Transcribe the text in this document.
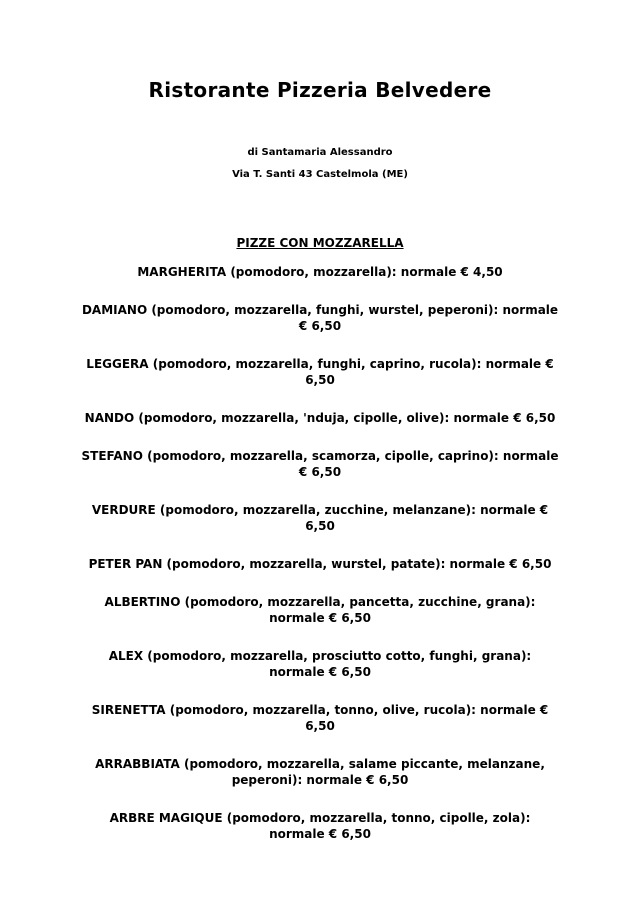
Ristorante Pizzeria Belvedere
di Santamaria Alessandro
Via T. Santi 43 Castelmola (ME)
PIZZE CON MOZZARELLA
MARGHERITA (pomodoro, mozzarella): normale € 4,50
DAMIANO (pomodoro, mozzarella, funghi, wurstel, peperoni): normale € 6,50
LEGGERA (pomodoro, mozzarella, funghi, caprino, rucola): normale € 6,50
NANDO (pomodoro, mozzarella, 'nduja, cipolle, olive): normale € 6,50
STEFANO (pomodoro, mozzarella, scamorza, cipolle, caprino): normale € 6,50
VERDURE (pomodoro, mozzarella, zucchine, melanzane): normale € 6,50
PETER PAN (pomodoro, mozzarella, wurstel, patate): normale € 6,50
ALBERTINO (pomodoro, mozzarella, pancetta, zucchine, grana): normale € 6,50
ALEX (pomodoro, mozzarella, prosciutto cotto, funghi, grana): normale € 6,50
SIRENETTA (pomodoro, mozzarella, tonno, olive, rucola): normale € 6,50
ARRABBIATA (pomodoro, mozzarella, salame piccante, melanzane, peperoni): normale € 6,50
ARBRE MAGIQUE (pomodoro, mozzarella, tonno, cipolle, zola): normale € 6,50
